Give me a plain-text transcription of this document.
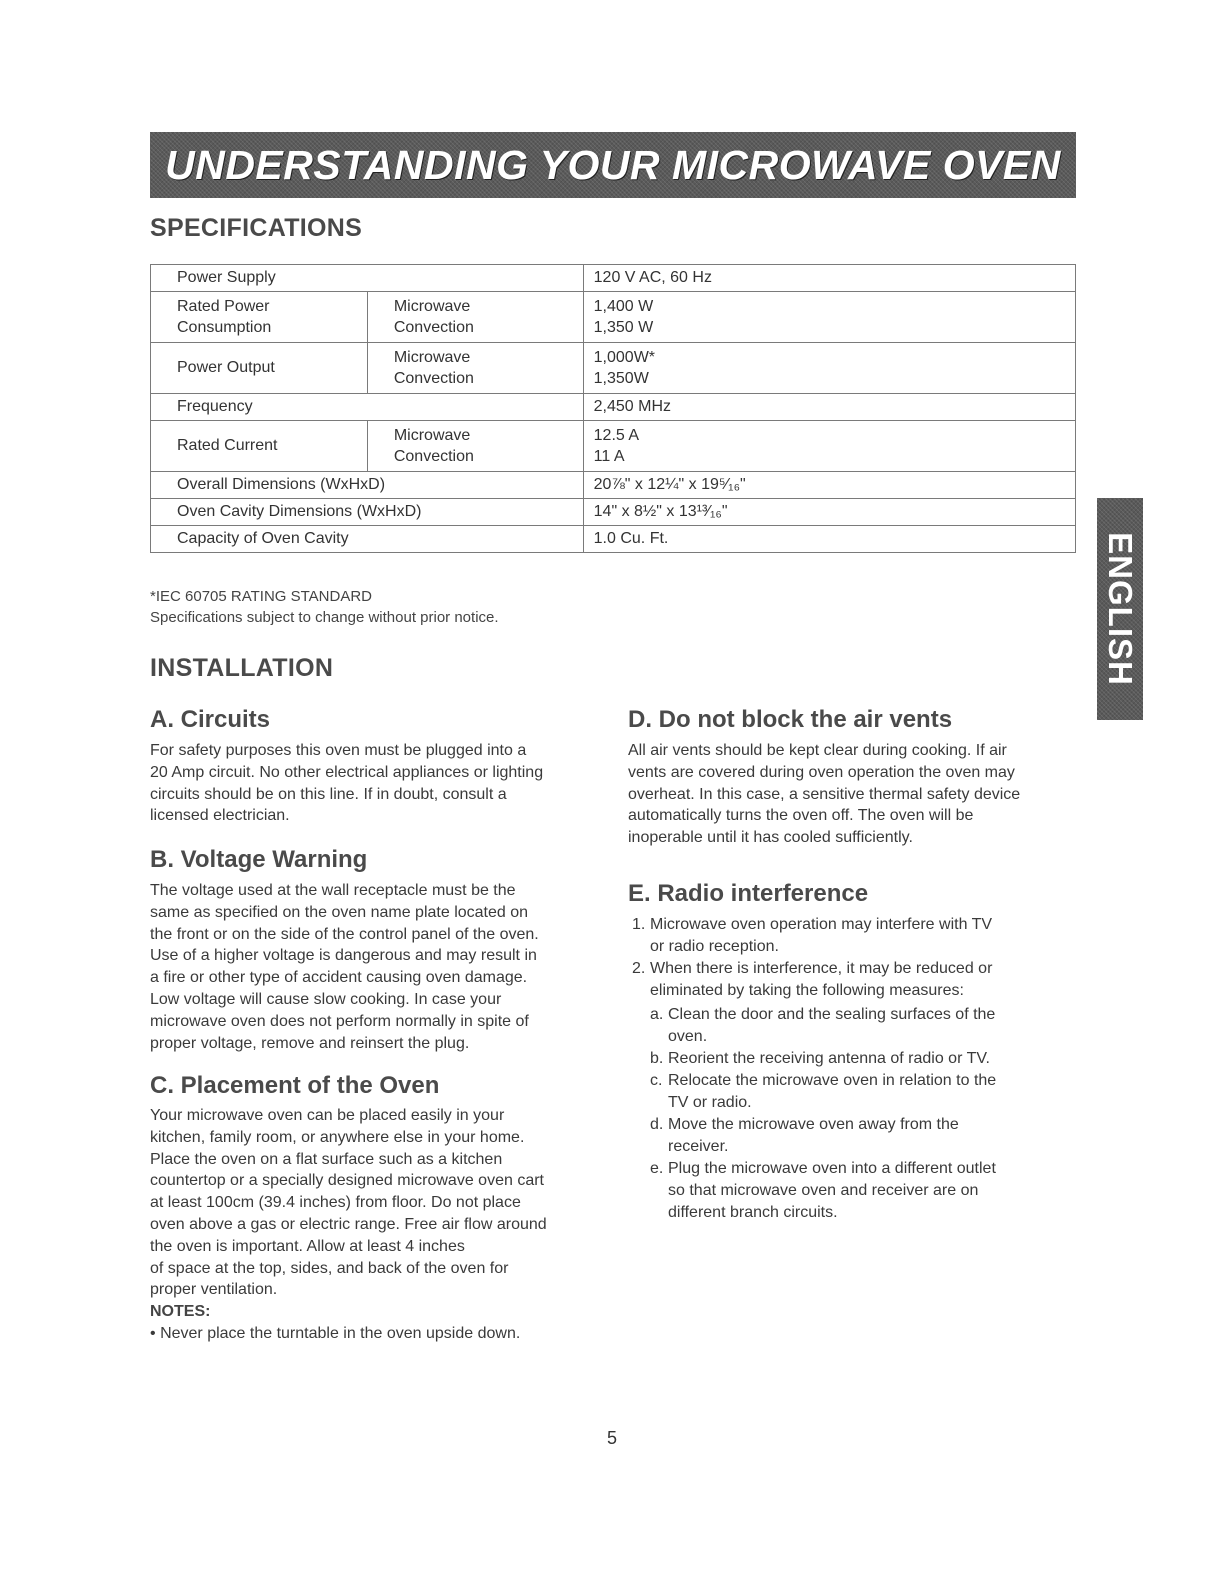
UNDERSTANDING YOUR MICROWAVE OVEN
SPECIFICATIONS
Power Supply		120 V AC, 60 Hz
Rated Power
Consumption	Microwave	1,400 W
	Convection	1,350 W
Power Output	Microwave	1,000W*
	Convection	1,350W
Frequency		2,450 MHz
Rated Current	Microwave	12.5 A
	Convection	11 A
Overall Dimensions (WxHxD)		20⅞" x 12¼" x 19⁵⁄₁₆"
Oven Cavity Dimensions (WxHxD)		14" x 8½" x 13¹³⁄₁₆"
Capacity of Oven Cavity		1.0 Cu. Ft.

*IEC 60705 RATING STANDARD

Specifications subject to change without prior notice.	ENGLISH
INSTALLATION
A. Circuits
For safety purposes this oven must be plugged into a
20 Amp circuit. No other electrical appliances or lighting
circuits should be on this line. If in doubt, consult a
licensed electrician.
B. Voltage Warning
The voltage used at the wall receptacle must be the
same as specified on the oven name plate located on
the front or on the side of the control panel of the oven.
Use of a higher voltage is dangerous and may result in
a fire or other type of accident causing oven damage.
Low voltage will cause slow cooking. In case your
microwave oven does not perform normally in spite of
proper voltage, remove and reinsert the plug.
C. Placement of the Oven
Your microwave oven can be placed easily in your
kitchen, family room, or anywhere else in your home.
Place the oven on a flat surface such as a kitchen
countertop or a specially designed microwave oven cart
at least 100cm (39.4 inches) from floor. Do not place
oven above a gas or electric range. Free air flow around
the oven is important. Allow at least 4 inches
of space at the top, sides, and back of the oven for
proper ventilation.
NOTES:
• Never place the turntable in the oven upside down.
D. Do not block the air vents
All air vents should be kept clear during cooking. If air
vents are covered during oven operation the oven may
overheat. In this case, a sensitive thermal safety device
automatically turns the oven off. The oven will be
inoperable until it has cooled sufficiently.
E. Radio interference
1. Microwave oven operation may interfere with TV
or radio reception.
2. When there is interference, it may be reduced or
eliminated by taking the following measures:
a. Clean the door and the sealing surfaces of the
oven.
b. Reorient the receiving antenna of radio or TV.
c. Relocate the microwave oven in relation to the
TV or radio.
d. Move the microwave oven away from the
receiver.
e. Plug the microwave oven into a different outlet
so that microwave oven and receiver are on
different branch circuits.
5
